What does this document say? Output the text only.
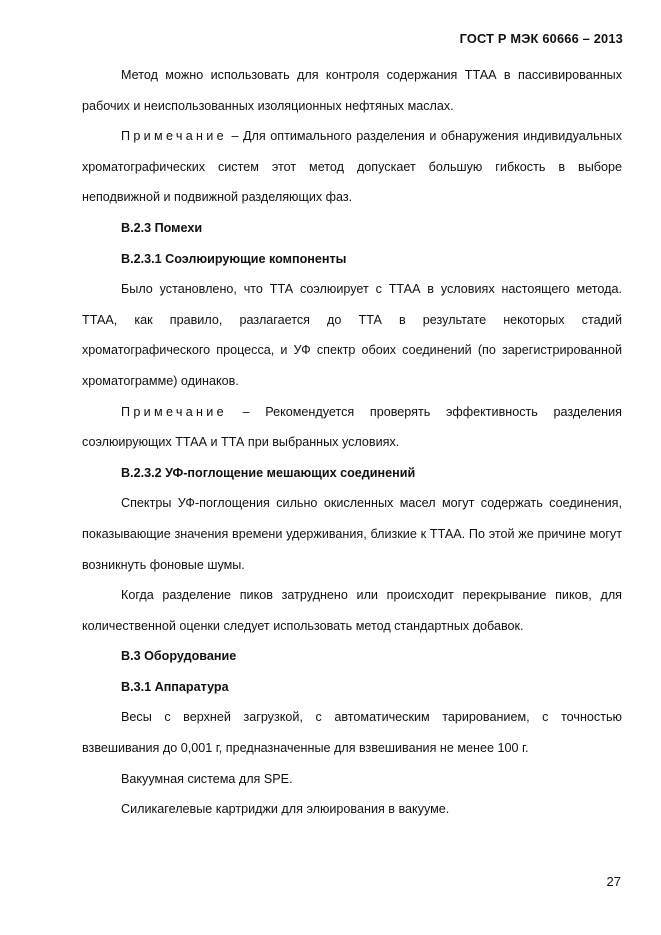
ГОСТ Р МЭК 60666 – 2013

Метод можно использовать для контроля содержания ТТАА в пассивированных рабочих и неиспользованных изоляционных нефтяных маслах.

Примечание – Для оптимального разделения и обнаружения индивидуальных хроматографических систем этот метод допускает большую гибкость в выборе неподвижной и подвижной разделяющих фаз.

В.2.3 Помехи

В.2.3.1 Соэлюирующие компоненты

Было установлено, что ТТА соэлюирует с ТТАА в условиях настоящего метода. ТТАА, как правило, разлагается до ТТА в результате некоторых стадий хроматографического процесса, и УФ спектр обоих соединений (по зарегистрированной хроматограмме) одинаков.

Примечание – Рекомендуется проверять эффективность разделения соэлюирующих ТТАА и ТТА при выбранных условиях.

В.2.3.2 УФ-поглощение мешающих соединений

Спектры УФ-поглощения сильно окисленных масел могут содержать соединения, показывающие значения времени удерживания, близкие к ТТАА. По этой же причине могут возникнуть фоновые шумы.

Когда разделение пиков затруднено или происходит перекрывание пиков, для количественной оценки следует использовать метод стандартных добавок.

В.3 Оборудование

В.3.1 Аппаратура

Весы с верхней загрузкой, с автоматическим тарированием, с точностью взвешивания до 0,001 г, предназначенные для взвешивания не менее 100 г.

Вакуумная система для SPE.

Силикагелевые картриджи для элюирования в вакууме.

27
